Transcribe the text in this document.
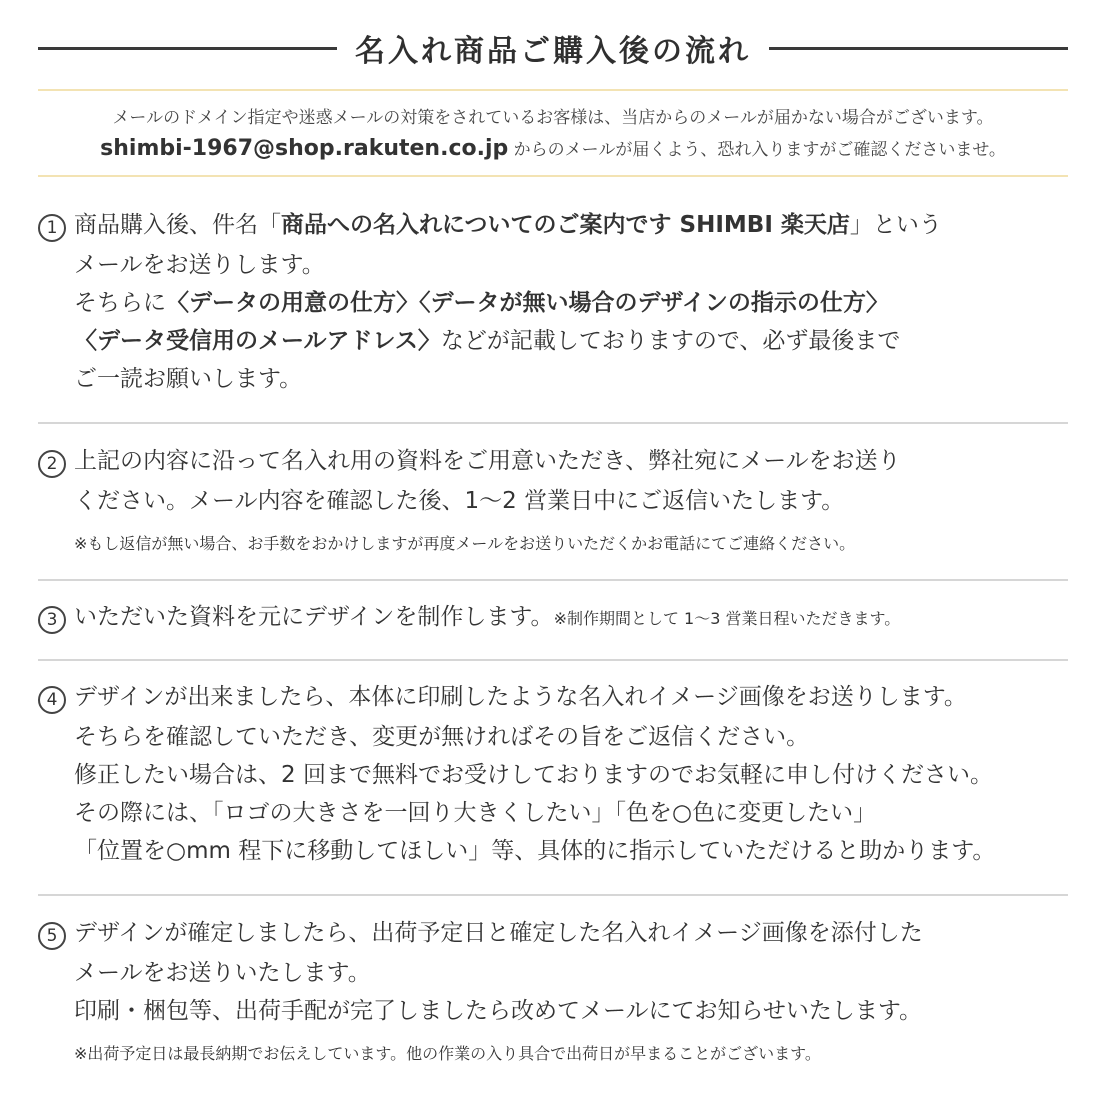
名入れ商品ご購入後の流れ
メールのドメイン指定や迷惑メールの対策をされているお客様は、当店からのメールが届かない場合がございます。
shimbi-1967@shop.rakuten.co.jp からのメールが届くよう、恐れ入りますがご確認くださいませ。
1 商品購入後、件名「商品への名入れについてのご案内です SHIMBI 楽天店」という
メールをお送りします。
そちらに〈データの用意の仕方〉〈データが無い場合のデザインの指示の仕方〉
〈データ受信用のメールアドレス〉などが記載しておりますので、必ず最後まで
ご一読お願いします。
2 上記の内容に沿って名入れ用の資料をご用意いただき、弊社宛にメールをお送り
ください。メール内容を確認した後、1～2 営業日中にご返信いたします。
※もし返信が無い場合、お手数をおかけしますが再度メールをお送りいただくかお電話にてご連絡ください。
3 いただいた資料を元にデザインを制作します。※制作期間として 1～3 営業日程いただきます。
4 デザインが出来ましたら、本体に印刷したような名入れイメージ画像をお送りします。
そちらを確認していただき、変更が無ければその旨をご返信ください。
修正したい場合は、2 回まで無料でお受けしておりますのでお気軽に申し付けください。
その際には、「ロゴの大きさを一回り大きくしたい」「色を○色に変更したい」
「位置を○mm 程下に移動してほしい」等、具体的に指示していただけると助かります。
5 デザインが確定しましたら、出荷予定日と確定した名入れイメージ画像を添付した
メールをお送りいたします。
印刷・梱包等、出荷手配が完了しましたら改めてメールにてお知らせいたします。
※出荷予定日は最長納期でお伝えしています。他の作業の入り具合で出荷日が早まることがございます。
